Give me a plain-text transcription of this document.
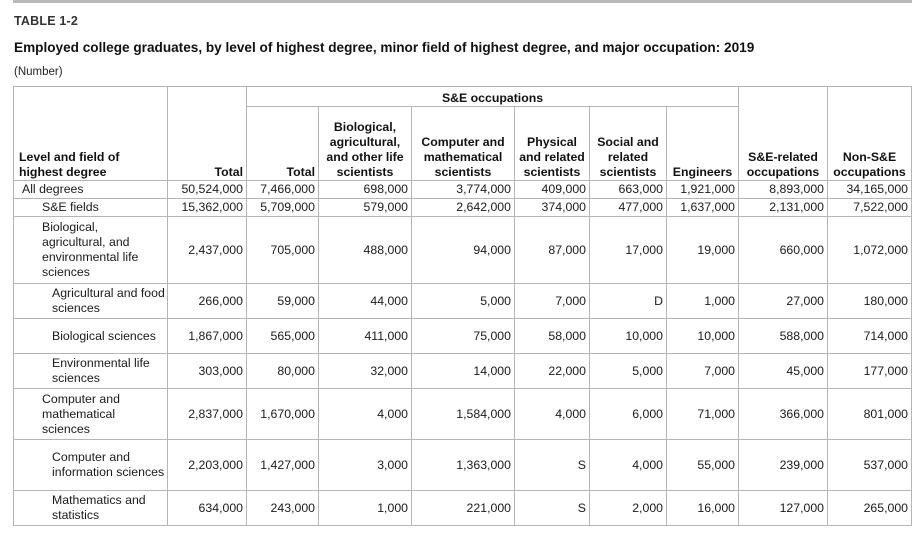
TABLE 1-2
Employed college graduates, by level of highest degree, minor field of highest degree, and major occupation: 2019
(Number)
Level and field of highest degree	Total	S&E occupations						S&E-related occupations	Non-S&E occupations
		Total	Biological, agricultural, and other life scientists	Computer and mathematical scientists	Physical and related scientists	Social and related scientists	Engineers		
All degrees	50,524,000	7,466,000	698,000	3,774,000	409,000	663,000	1,921,000	8,893,000	34,165,000
S&E fields	15,362,000	5,709,000	579,000	2,642,000	374,000	477,000	1,637,000	2,131,000	7,522,000
Biological, agricultural, and environmental life sciences	2,437,000	705,000	488,000	94,000	87,000	17,000	19,000	660,000	1,072,000
Agricultural and food sciences	266,000	59,000	44,000	5,000	7,000	D	1,000	27,000	180,000
Biological sciences	1,867,000	565,000	411,000	75,000	58,000	10,000	10,000	588,000	714,000
Environmental life sciences	303,000	80,000	32,000	14,000	22,000	5,000	7,000	45,000	177,000
Computer and mathematical sciences	2,837,000	1,670,000	4,000	1,584,000	4,000	6,000	71,000	366,000	801,000
Computer and information sciences	2,203,000	1,427,000	3,000	1,363,000	S	4,000	55,000	239,000	537,000
Mathematics and statistics	634,000	243,000	1,000	221,000	S	2,000	16,000	127,000	265,000
